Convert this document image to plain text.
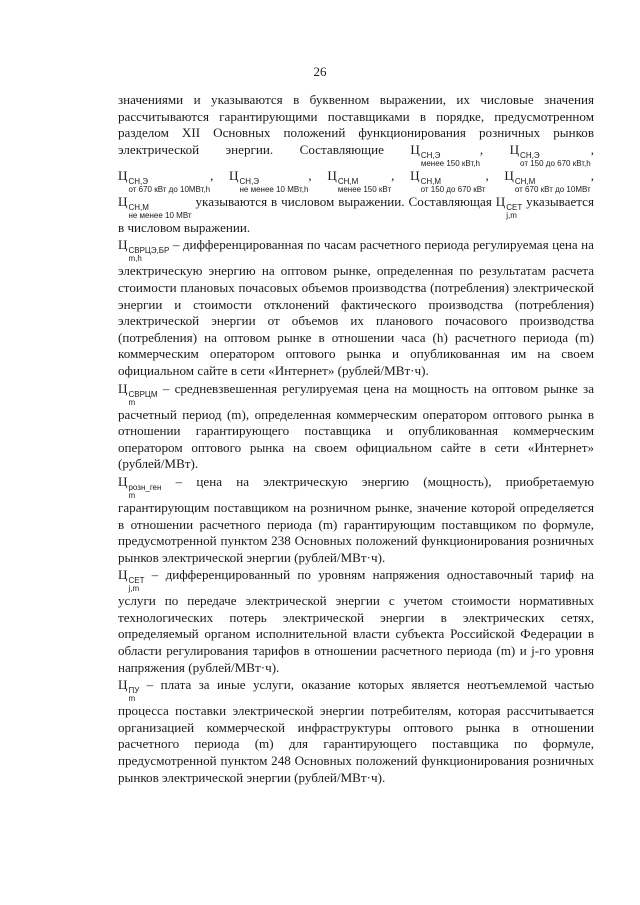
26

значениями и указываются в буквенном выражении, их числовые значения рассчитываются гарантирующими поставщиками в порядке, предусмотренном разделом XII Основных положений функционирования розничных рынков электрической энергии. Составляющие Ц СН,Э
менее 150 кВт,h
, Ц СН,Э
от 150 до 670 кВт,h
, Ц СН,Э
от 670 кВт до 10МВт,h
, Ц СН,Э
не менее 10 МВт,h
, Ц СН,М
менее 150 кВт
, Ц СН,М
от 150 до 670 кВт
, Ц СН,М
от 670 кВт до 10МВт
, Ц СН,М
не менее 10 МВт
указываются в числовом выражении. Составляющая Ц СЕТ
j,m
указывается в числовом выражении.

Ц СВРЦЭ,БР
m,h
– дифференцированная по часам расчетного периода регулируемая цена на электрическую энергию на оптовом рынке, определенная по результатам расчета стоимости плановых почасовых объемов производства (потребления) электрической энергии и стоимости отклонений фактического производства (потребления) электрической энергии от объемов их планового почасового производства (потребления) на оптовом рынке в отношении часа (h) расчетного периода (m) коммерческим оператором оптового рынка и опубликованная им на своем официальном сайте в сети «Интернет» (рублей/МВт·ч).

Ц СВРЦМ
m
– средневзвешенная регулируемая цена на мощность на оптовом рынке за расчетный период (m), определенная коммерческим оператором оптового рынка в отношении гарантирующего поставщика и опубликованная коммерческим оператором оптового рынка на своем официальном сайте в сети «Интернет» (рублей/МВт).

Ц розн_ген
m
– цена на электрическую энергию (мощность), приобретаемую гарантирующим поставщиком на розничном рынке, значение которой определяется в отношении расчетного периода (m) гарантирующим поставщиком по формуле, предусмотренной пунктом 238 Основных положений функционирования розничных рынков электрической энергии (рублей/МВт·ч).

Ц СЕТ
j,m
– дифференцированный по уровням напряжения одноставочный тариф на услуги по передаче электрической энергии с учетом стоимости нормативных технологических потерь электрической энергии в электрических сетях, определяемый органом исполнительной власти субъекта Российской Федерации в области регулирования тарифов в отношении расчетного периода (m) и j-го уровня напряжения (рублей/МВт·ч).

Ц ПУ
m
– плата за иные услуги, оказание которых является неотъемлемой частью процесса поставки электрической энергии потребителям, которая рассчитывается организацией коммерческой инфраструктуры оптового рынка в отношении расчетного периода (m) для гарантирующего поставщика по формуле, предусмотренной пунктом 248 Основных положений функционирования розничных рынков электрической энергии (рублей/МВт·ч).
